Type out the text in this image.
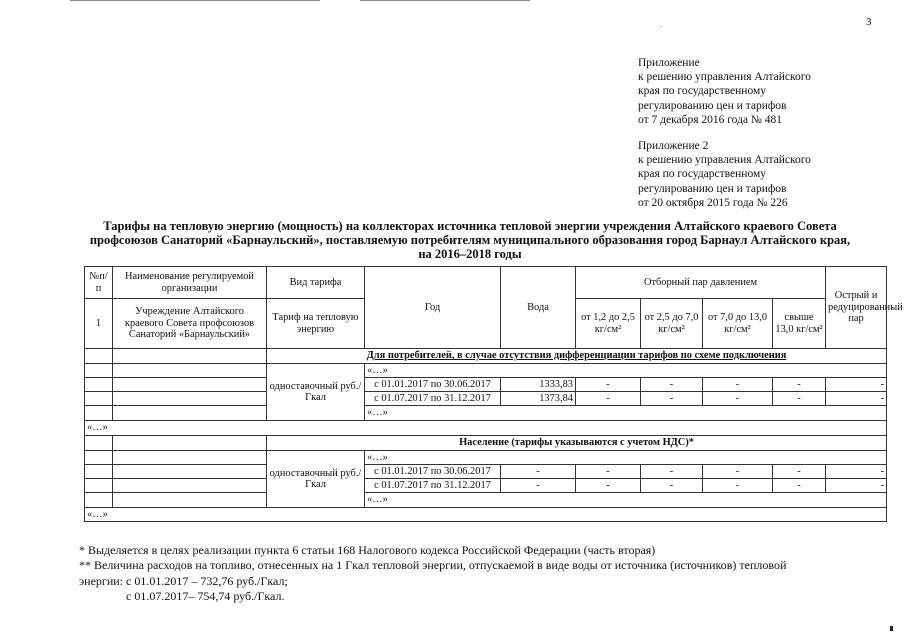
.	3
Приложение
к решению управления Алтайского
края по государственному
регулированию цен и тарифов
от 7 декабря 2016 года № 481
Приложение 2
к решению управления Алтайского
края по государственному
регулированию цен и тарифов
от 20 октября 2015 года № 226
Тарифы на тепловую энергию (мощность) на коллекторах источника тепловой энергии учреждения Алтайского краевого Совета
профсоюзов Санаторий «Барнаульский», поставляемую потребителям муниципального образования город Барнаул Алтайского края,
на 2016–2018 годы
№п/п	Наименование регулируемой организации	Вид тарифа	Год	Вода	Отборный пар давлением				Острый и редуцированный пар
1	Учреждение Алтайского краевого Совета профсоюзов Санаторий «Барнаульский»	Тариф на тепловую энергию			от 1,2 до 2,5 кг/см²	от 2,5 до 7,0 кг/см²	от 7,0 до 13,0 кг/см²	свыше 13,0 кг/см²	
		Для потребителей, в случае отсутствия дифференциации тарифов по схеме подключения							
		одноставочный руб./Гкал	«…»						
			с 01.01.2017 по 30.06.2017	1333,83	-	-	-	-	-
			с 01.07.2017 по 31.12.2017	1373,84	-	-	-	-	-
			«…»						
«…»									
		Население (тарифы указываются с учетом НДС)*							
		одноставочный руб./Гкал	«…»						
			с 01.01.2017 по 30.06.2017	-	-	-	-	-	-
			с 01.07.2017 по 31.12.2017	-	-	-	-	-	-
			«…»						
«…»									
* Выделяется в целях реализации пункта 6 статьи 168 Налогового кодекса Российской Федерации (часть вторая)
** Величина расходов на топливо, отнесенных на 1 Гкал тепловой энергии, отпускаемой в виде воды от источника (источников) тепловой
энергии: с 01.01.2017 – 732,76 руб./Гкал;
с 01.07.2017– 754,74 руб./Гкал.
